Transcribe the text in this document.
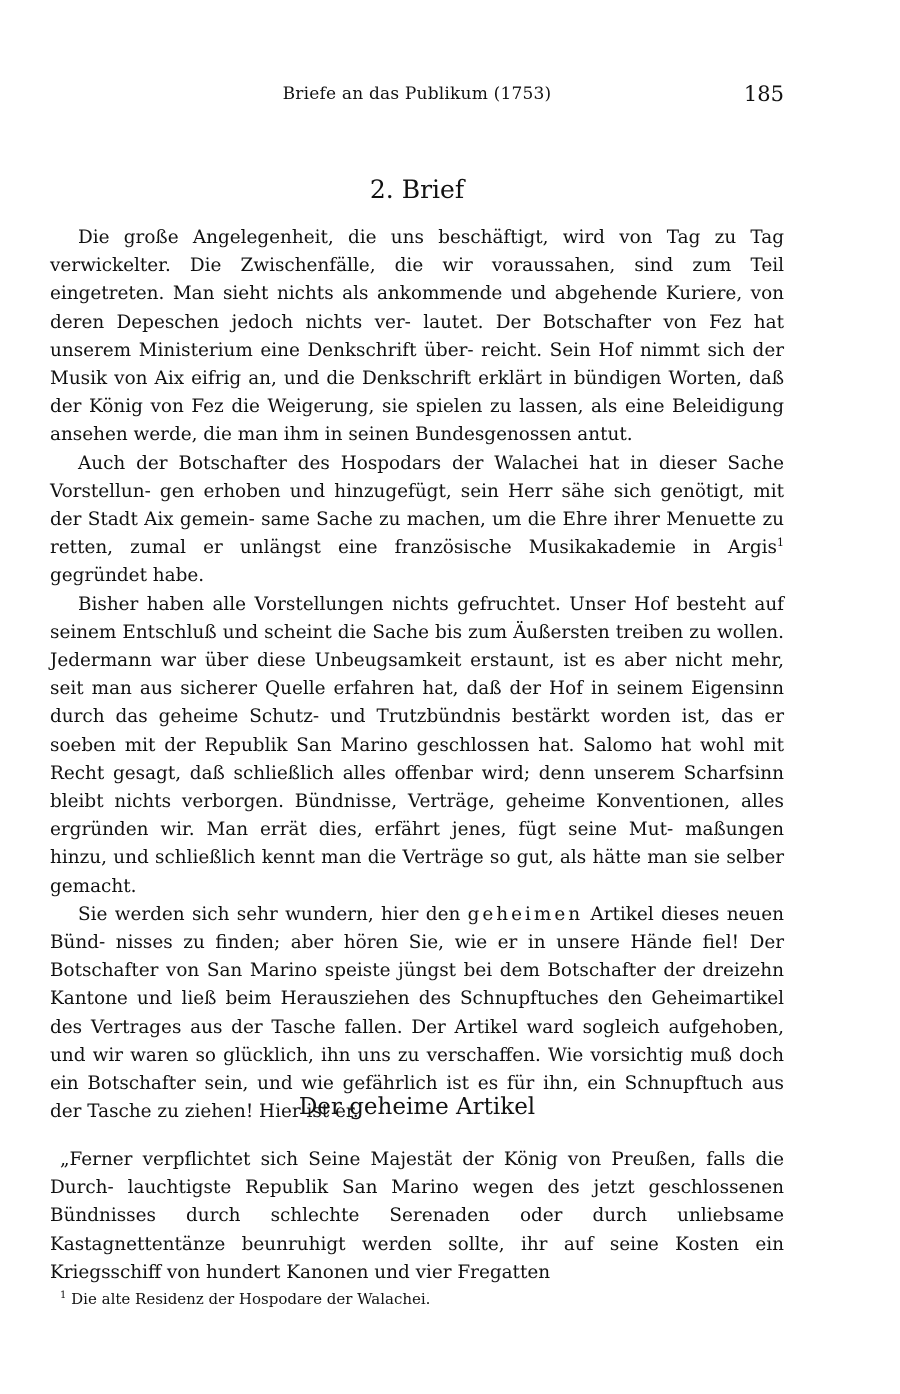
Briefe an das Publikum (1753)	185
2. Brief

Die große Angelegenheit, die uns beschäftigt, wird von Tag zu Tag verwickelter. Die Zwischenfälle, die wir voraussahen, sind zum Teil eingetreten. Man sieht nichts als ankommende und abgehende Kuriere, von deren Depeschen jedoch nichts ver- lautet. Der Botschafter von Fez hat unserem Ministerium eine Denkschrift über- reicht. Sein Hof nimmt sich der Musik von Aix eifrig an, und die Denkschrift erklärt in bündigen Worten, daß der König von Fez die Weigerung, sie spielen zu lassen, als eine Beleidigung ansehen werde, die man ihm in seinen Bundesgenossen antut.

Auch der Botschafter des Hospodars der Walachei hat in dieser Sache Vorstellun- gen erhoben und hinzugefügt, sein Herr sähe sich genötigt, mit der Stadt Aix gemein- same Sache zu machen, um die Ehre ihrer Menuette zu retten, zumal er unlängst eine französische Musikakademie in Argis$^1$ gegründet habe.

Bisher haben alle Vorstellungen nichts gefruchtet. Unser Hof besteht auf seinem Entschluß und scheint die Sache bis zum Äußersten treiben zu wollen. Jedermann war über diese Unbeugsamkeit erstaunt, ist es aber nicht mehr, seit man aus sicherer Quelle erfahren hat, daß der Hof in seinem Eigensinn durch das geheime Schutz- und Trutzbündnis bestärkt worden ist, das er soeben mit der Republik San Marino geschlossen hat. Salomo hat wohl mit Recht gesagt, daß schließlich alles offenbar wird; denn unserem Scharfsinn bleibt nichts verborgen. Bündnisse, Verträge, geheime Konventionen, alles ergründen wir. Man errät dies, erfährt jenes, fügt seine Mut- maßungen hinzu, und schließlich kennt man die Verträge so gut, als hätte man sie selber gemacht.

Sie werden sich sehr wundern, hier den geheimen Artikel dieses neuen Bünd- nisses zu finden; aber hören Sie, wie er in unsere Hände fiel! Der Botschafter von San Marino speiste jüngst bei dem Botschafter der dreizehn Kantone und ließ beim Herausziehen des Schnupftuches den Geheimartikel des Vertrages aus der Tasche fallen. Der Artikel ward sogleich aufgehoben, und wir waren so glücklich, ihn uns zu verschaffen. Wie vorsichtig muß doch ein Botschafter sein, und wie gefährlich ist es für ihn, ein Schnupftuch aus der Tasche zu ziehen! Hier ist er.

Der geheime Artikel

„Ferner verpflichtet sich Seine Majestät der König von Preußen, falls die Durch- lauchtigste Republik San Marino wegen des jetzt geschlossenen Bündnisses durch schlechte Serenaden oder durch unliebsame Kastagnettentänze beunruhigt werden sollte, ihr auf seine Kosten ein Kriegsschiff von hundert Kanonen und vier Fregatten

$^1$ Die alte Residenz der Hospodare der Walachei.
